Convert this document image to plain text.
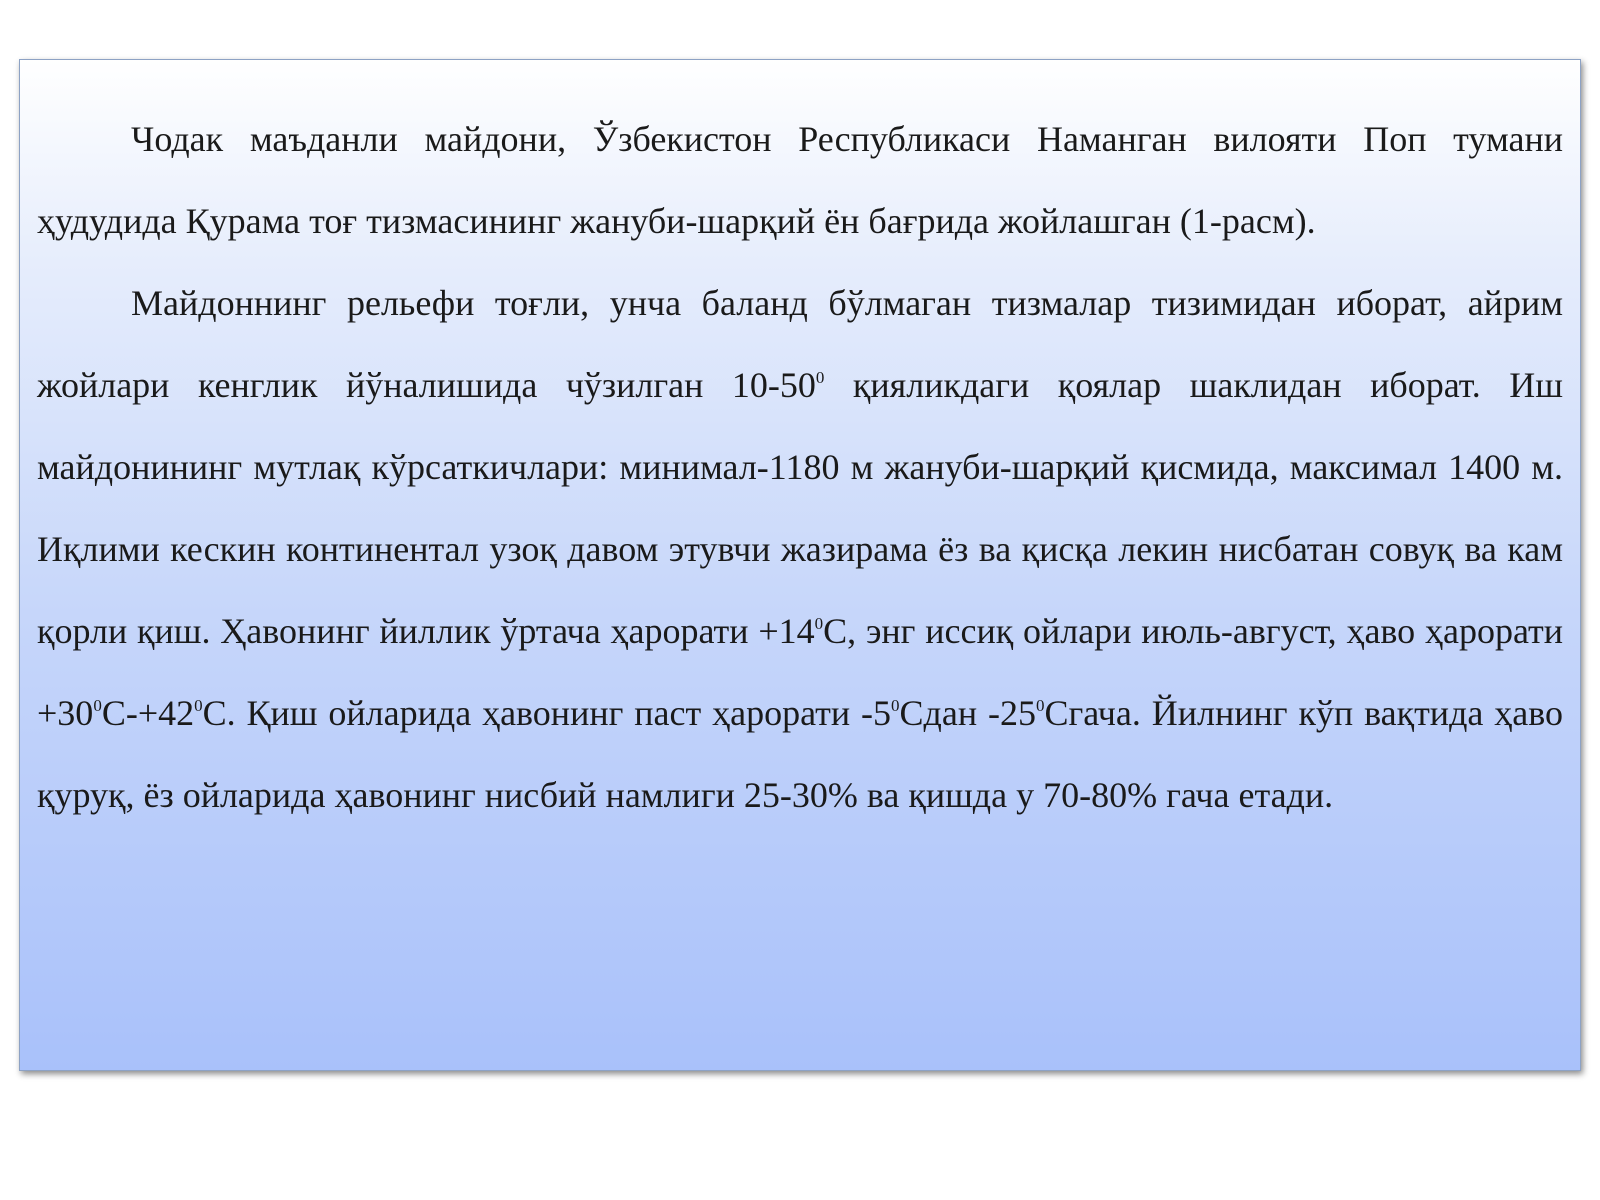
Чодак маъданли майдони, Ўзбекистон Республикаси Наманган вилояти Поп тумани ҳудудида Қурама тоғ тизмасининг жануби-шарқий ён бағрида жойлашган (1-расм).

Майдоннинг рельефи тоғли, унча баланд бўлмаган тизмалар тизимидан иборат, айрим жойлари кенглик йўналишида чўзилган $10-50^0$ қияликдаги қоялар шаклидан иборат. Иш майдонининг мутлақ кўрсаткичлари: минимал-1180 м жануби-шарқий қисмида, максимал 1400 м. Иқлими кескин континентал узоқ давом этувчи жазирама ёз ва қисқа лекин нисбатан совуқ ва кам қорли қиш. Ҳавонинг йиллик ўртача ҳарорати $+14^0С$, энг иссиқ ойлари июль-август, ҳаво ҳарорати $+30^0С-+42^0С$. Қиш ойларида ҳавонинг паст ҳарорати $-5^0Сдан$ $-25^0Сгача$. Йилнинг кўп вақтида ҳаво қуруқ, ёз ойларида ҳавонинг нисбий намлиги 25-30% ва қишда у 70-80% гача етади.
